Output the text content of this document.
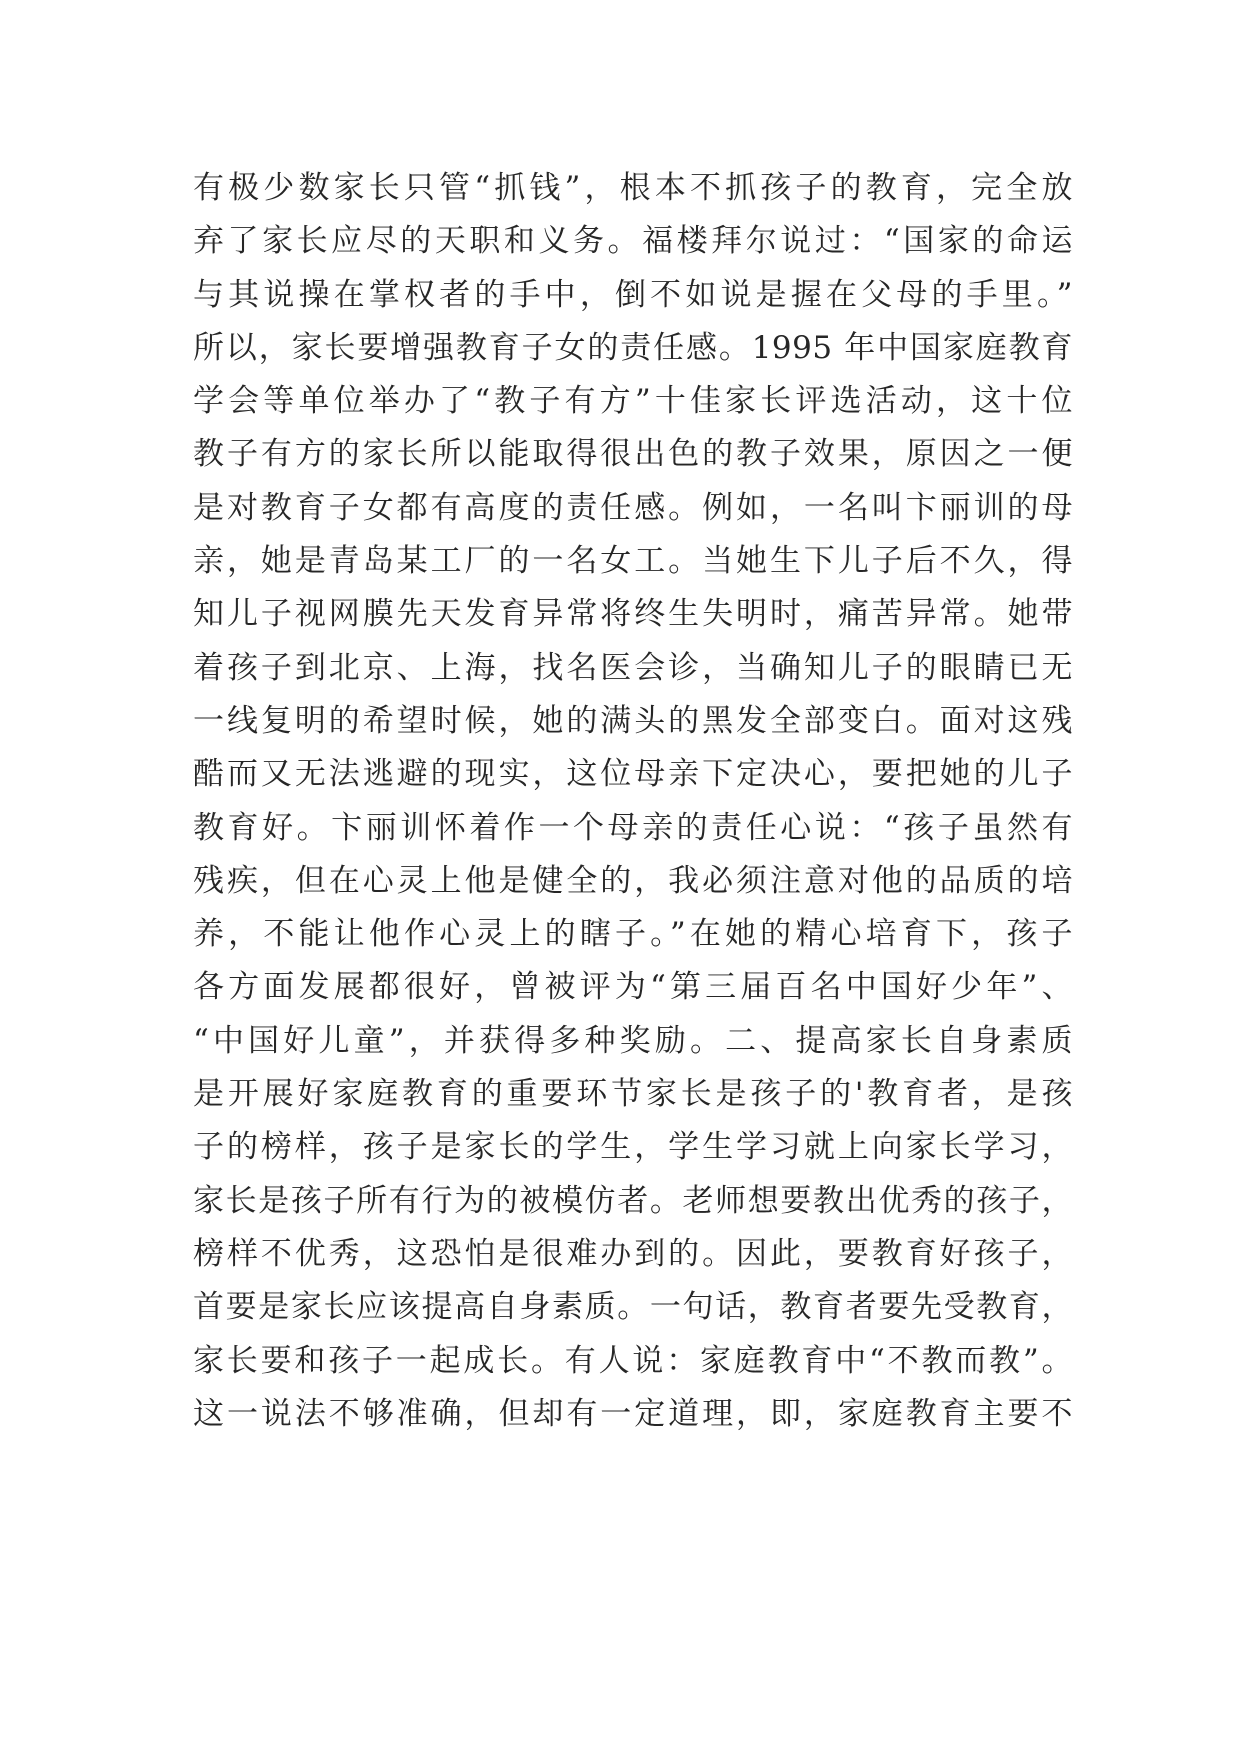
有极少数家长只管“抓钱”，根本不抓孩子的教育，完全放
弃了家长应尽的天职和义务。福楼拜尔说过：“国家的命运
与其说操在掌权者的手中，倒不如说是握在父母的手里。”
所以，家长要增强教育子女的责任感。1995 年中国家庭教育
学会等单位举办了“教子有方”十佳家长评选活动，这十位
教子有方的家长所以能取得很出色的教子效果，原因之一便
是对教育子女都有高度的责任感。例如，一名叫卞丽训的母
亲，她是青岛某工厂的一名女工。当她生下儿子后不久，得
知儿子视网膜先天发育异常将终生失明时，痛苦异常。她带
着孩子到北京、上海，找名医会诊，当确知儿子的眼睛已无
一线复明的希望时候，她的满头的黑发全部变白。面对这残
酷而又无法逃避的现实，这位母亲下定决心，要把她的儿子
教育好。卞丽训怀着作一个母亲的责任心说：“孩子虽然有
残疾，但在心灵上他是健全的，我必须注意对他的品质的培
养，不能让他作心灵上的瞎子。”在她的精心培育下，孩子
各方面发展都很好，曾被评为“第三届百名中国好少年”、
“中国好儿童”，并获得多种奖励。二、提高家长自身素质
是开展好家庭教育的重要环节家长是孩子的'教育者，是孩
子的榜样，孩子是家长的学生，学生学习就上向家长学习，
家长是孩子所有行为的被模仿者。老师想要教出优秀的孩子，
榜样不优秀，这恐怕是很难办到的。因此，要教育好孩子，
首要是家长应该提高自身素质。一句话，教育者要先受教育，
家长要和孩子一起成长。有人说：家庭教育中“不教而教”。
这一说法不够准确，但却有一定道理，即，家庭教育主要不
